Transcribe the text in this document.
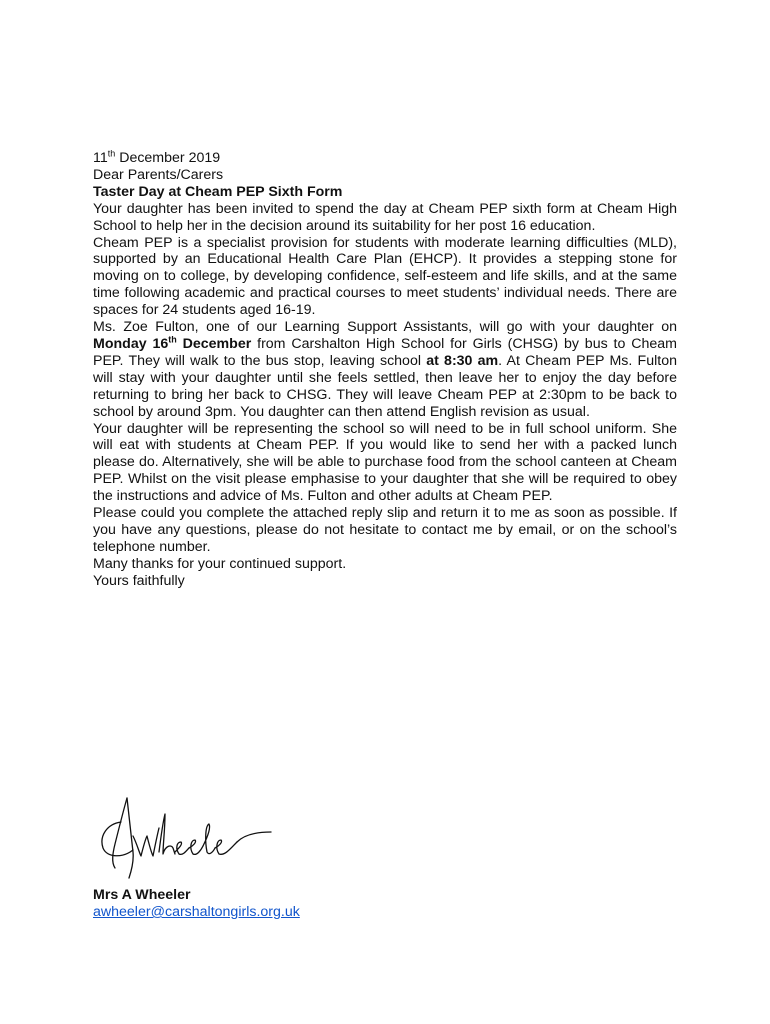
11th December 2019

Dear Parents/Carers

Taster Day at Cheam PEP Sixth Form

Your daughter has been invited to spend the day at Cheam PEP sixth form at Cheam High School to help her in the decision around its suitability for her post 16 education.

Cheam PEP is a specialist provision for students with moderate learning difficulties (MLD), supported by an Educational Health Care Plan (EHCP). It provides a stepping stone for moving on to college, by developing confidence, self-esteem and life skills, and at the same time following academic and practical courses to meet students’ individual needs. There are spaces for 24 students aged 16-19.

Ms. Zoe Fulton, one of our Learning Support Assistants, will go with your daughter on Monday 16th December from Carshalton High School for Girls (CHSG) by bus to Cheam PEP. They will walk to the bus stop, leaving school at 8:30 am. At Cheam PEP Ms. Fulton will stay with your daughter until she feels settled, then leave her to enjoy the day before returning to bring her back to CHSG. They will leave Cheam PEP at 2:30pm to be back to school by around 3pm. You daughter can then attend English revision as usual.

Your daughter will be representing the school so will need to be in full school uniform. She will eat with students at Cheam PEP. If you would like to send her with a packed lunch please do. Alternatively, she will be able to purchase food from the school canteen at Cheam PEP. Whilst on the visit please emphasise to your daughter that she will be required to obey the instructions and advice of Ms. Fulton and other adults at Cheam PEP.

Please could you complete the attached reply slip and return it to me as soon as possible. If you have any questions, please do not hesitate to contact me by email, or on the school’s telephone number.

Many thanks for your continued support.

Yours faithfully

Mrs A Wheeler
awheeler@carshaltongirls.org.uk
